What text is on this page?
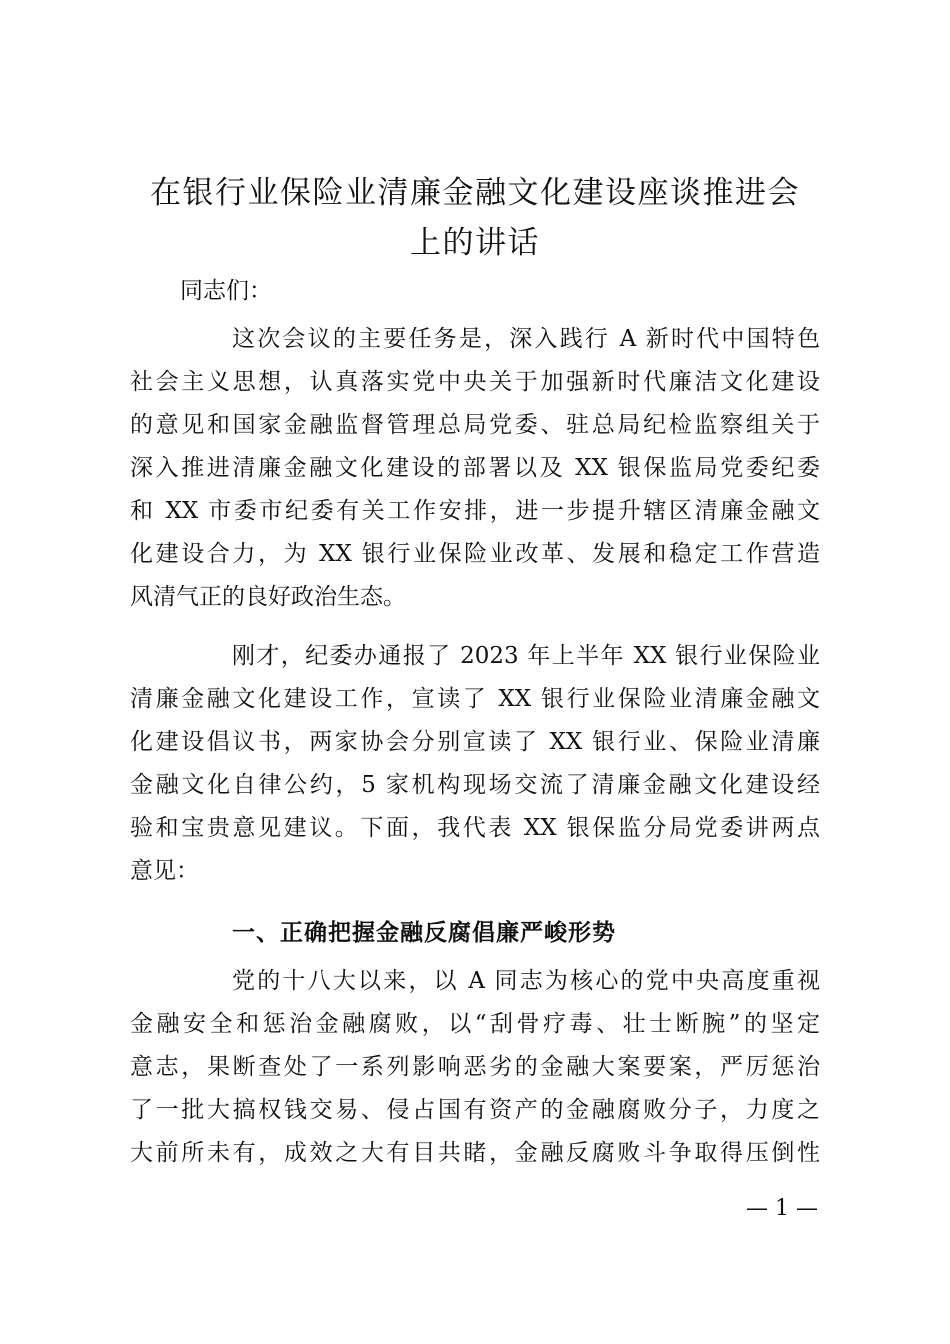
在银行业保险业清廉金融文化建设座谈推进会
上的讲话
同志们：
这次会议的主要任务是，深入践行 A 新时代中国特色
社会主义思想，认真落实党中央关于加强新时代廉洁文化建设
的意见和国家金融监督管理总局党委、驻总局纪检监察组关于
深入推进清廉金融文化建设的部署以及 XX 银保监局党委纪委
和 XX 市委市纪委有关工作安排，进一步提升辖区清廉金融文
化建设合力，为 XX 银行业保险业改革、发展和稳定工作营造
风清气正的良好政治生态。
刚才，纪委办通报了 2023 年上半年 XX 银行业保险业
清廉金融文化建设工作，宣读了 XX 银行业保险业清廉金融文
化建设倡议书，两家协会分别宣读了 XX 银行业、保险业清廉
金融文化自律公约，5 家机构现场交流了清廉金融文化建设经
验和宝贵意见建议。下面，我代表 XX 银保监分局党委讲两点
意见：
一、正确把握金融反腐倡廉严峻形势
党的十八大以来，以 A 同志为核心的党中央高度重视
金融安全和惩治金融腐败，以“刮骨疗毒、壮士断腕”的坚定
意志，果断查处了一系列影响恶劣的金融大案要案，严厉惩治
了一批大搞权钱交易、侵占国有资产的金融腐败分子，力度之
大前所未有，成效之大有目共睹，金融反腐败斗争取得压倒性
— 1 —
